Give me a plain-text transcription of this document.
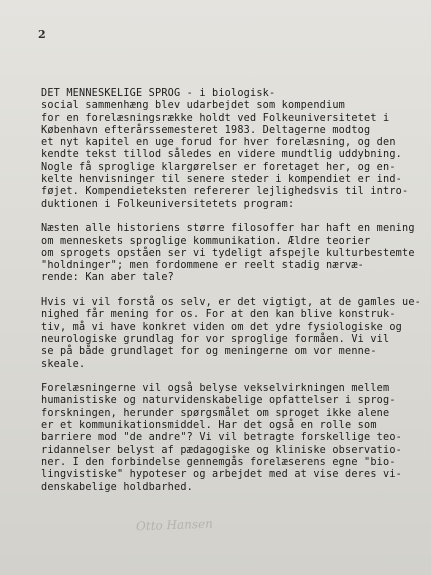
2
DET MENNESKELIGE SPROG - i biologisk-
social sammenhæng blev udarbejdet som kompendium
for en forelæsningsrække holdt ved Folkeuniversitetet i
København efterårssemesteret 1983. Deltagerne modtog
et nyt kapitel en uge forud for hver forelæsning, og den
kendte tekst tillod således en videre mundtlig uddybning.
Nogle få sproglige klargørelser er foretaget her, og en-
kelte henvisninger til senere steder i kompendiet er ind-
føjet. Kompendieteksten refererer lejlighedsvis til intro-
duktionen i Folkeuniversitetets program:
Næsten alle historiens større filosoffer har haft en mening
om menneskets sproglige kommunikation. Ældre teorier
om sprogets opståen ser vi tydeligt afspejle kulturbestemte
"holdninger"; men fordommene er reelt stadig nærvæ-
rende: Kan aber tale?
Hvis vi vil forstå os selv, er det vigtigt, at de gamles ue-
nighed får mening for os. For at den kan blive konstruk-
tiv, må vi have konkret viden om det ydre fysiologiske og
neurologiske grundlag for vor sproglige formåen. Vi vil
se på både grundlaget for og meningerne om vor menne-
skeale.
Forelæsningerne vil også belyse vekselvirkningen mellem
humanistiske og naturvidenskabelige opfattelser i sprog-
forskningen, herunder spørgsmålet om sproget ikke alene
er et kommunikationsmiddel. Har det også en rolle som
barriere mod "de andre"? Vi vil betragte forskellige teo-
ridannelser belyst af pædagogiske og kliniske observatio-
ner. I den forbindelse gennemgås forelæserens egne "bio-
lingvistiske" hypoteser og arbejdet med at vise deres vi-
denskabelige holdbarhed.
Otto Hansen
